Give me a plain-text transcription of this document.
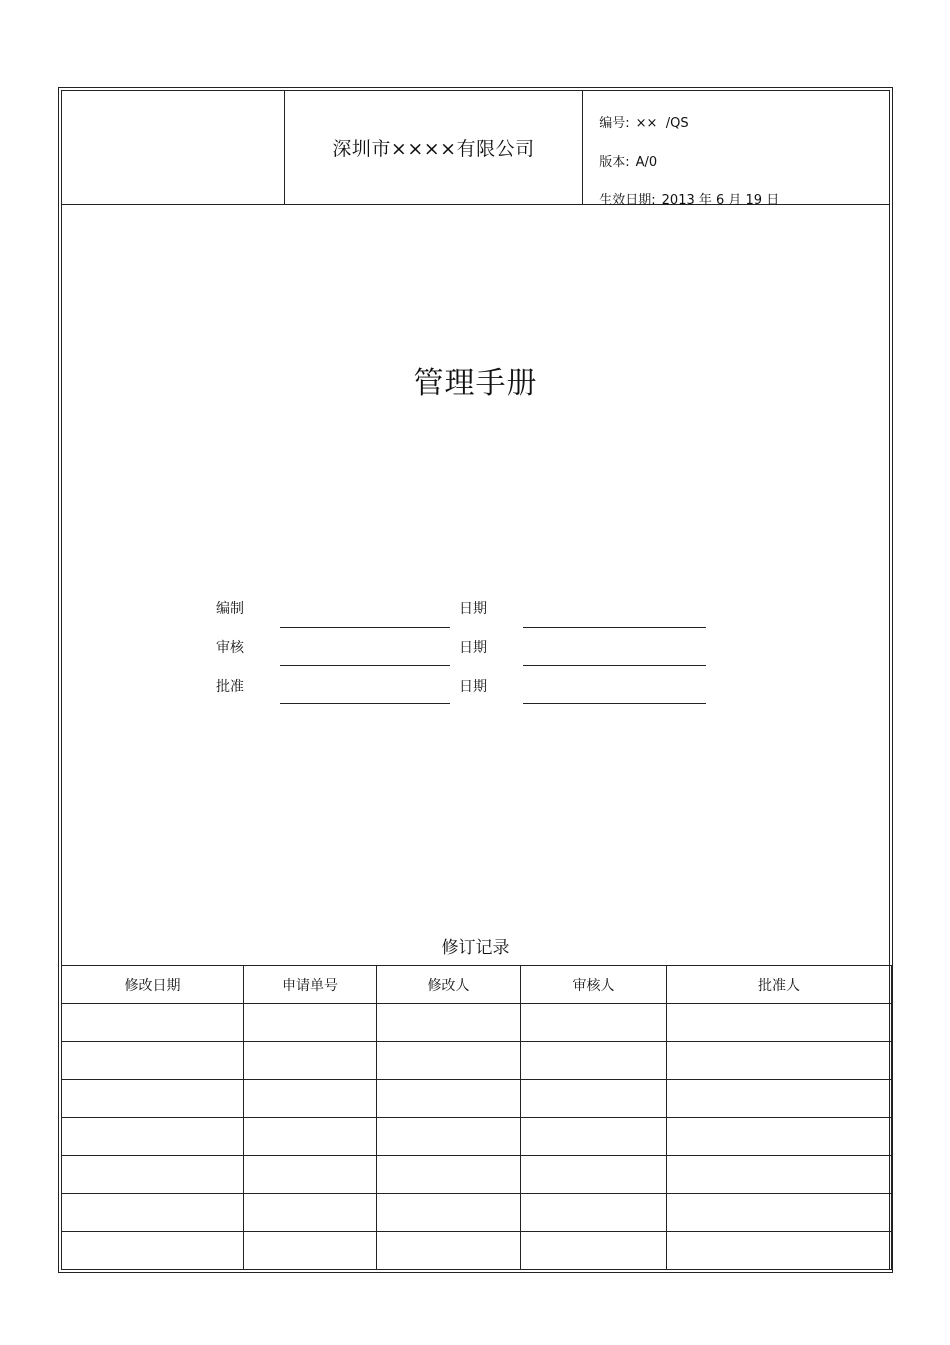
深圳市××××有限公司

编号: ××  /QS

版本: A/0

生效日期: 2013 年 6 月 19 日

管理手册
编制	日期
审核	日期
批准	日期
修订记录
修改日期	申请单号	修改人	审核人	批准人
